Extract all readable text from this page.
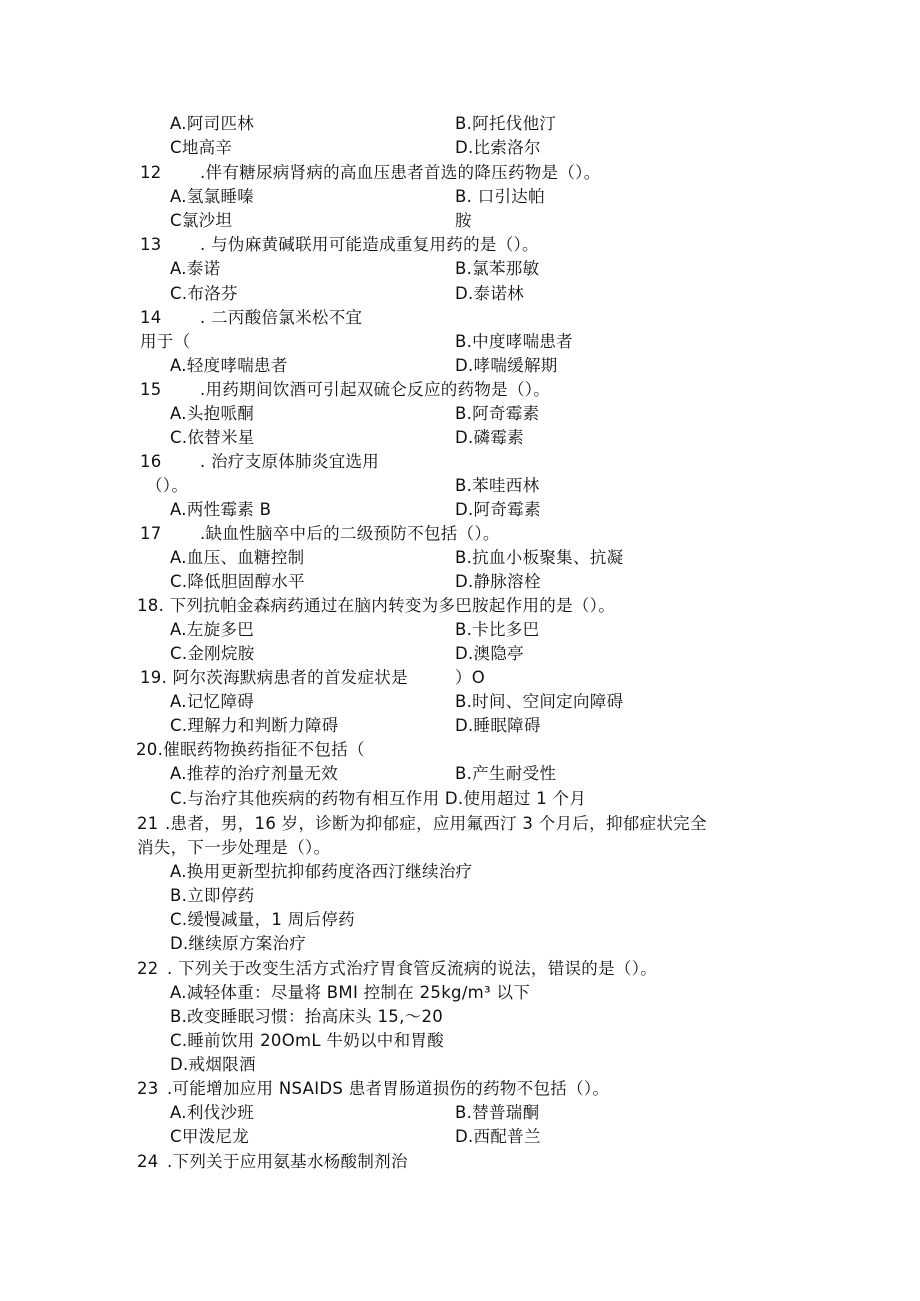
A.阿司匹林	B.阿托伐他汀
C地高辛	D.比索洛尔
12 .伴有糖尿病肾病的高血压患者首选的降压药物是（）。
A.氢氯睡嗪	B. 口引达帕
C氯沙坦	胺
13 . 与伪麻黄碱联用可能造成重复用药的是（）。
A.泰诺	B.氯苯那敏
C.布洛芬	D.泰诺林
14 . 二丙酸倍氯米松不宜
用于（	B.中度哮喘患者
A.轻度哮喘患者	D.哮喘缓解期
15 .用药期间饮酒可引起双硫仑反应的药物是（）。
A.头抱哌酮	B.阿奇霉素
C.依替米星	D.磷霉素
16 . 治疗支原体肺炎宜选用
（）。	B.苯哇西林
A.两性霉素 B	D.阿奇霉素
17 .缺血性脑卒中后的二级预防不包括（）。
A.血压、血糖控制	B.抗血小板聚集、抗凝
C.降低胆固醇水平	D.静脉溶栓
18. 下列抗帕金森病药通过在脑内转变为多巴胺起作用的是（）。
A.左旋多巴	B.卡比多巴
C.金刚烷胺	D.澳隐亭
19. 阿尔茨海默病患者的首发症状是	）O
A.记忆障碍	B.时间、空间定向障碍
C.理解力和判断力障碍	D.睡眠障碍
20.催眠药物换药指征不包括（
A.推荐的治疗剂量无效	B.产生耐受性
C.与治疗其他疾病的药物有相互作用 D.使用超过 1 个月
21 .患者，男，16 岁，诊断为抑郁症，应用氟西汀 3 个月后，抑郁症状完全
消失，下一步处理是（）。
A.换用更新型抗抑郁药度洛西汀继续治疗
B.立即停药
C.缓慢减量，1 周后停药
D.继续原方案治疗
22 . 下列关于改变生活方式治疗胃食管反流病的说法，错误的是（）。
A.减轻体重：尽量将 BMI 控制在 25kg∕m³ 以下
B.改变睡眠习惯：抬高床头 15,〜20
C.睡前饮用 20OmL 牛奶以中和胃酸
D.戒烟限酒
23 .可能增加应用 NSAIDS 患者胃肠道损伤的药物不包括（）。
A.利伐沙班	B.替普瑞酮
C甲泼尼龙	D.西配普兰
24 .下列关于应用氨基水杨酸制剂治
